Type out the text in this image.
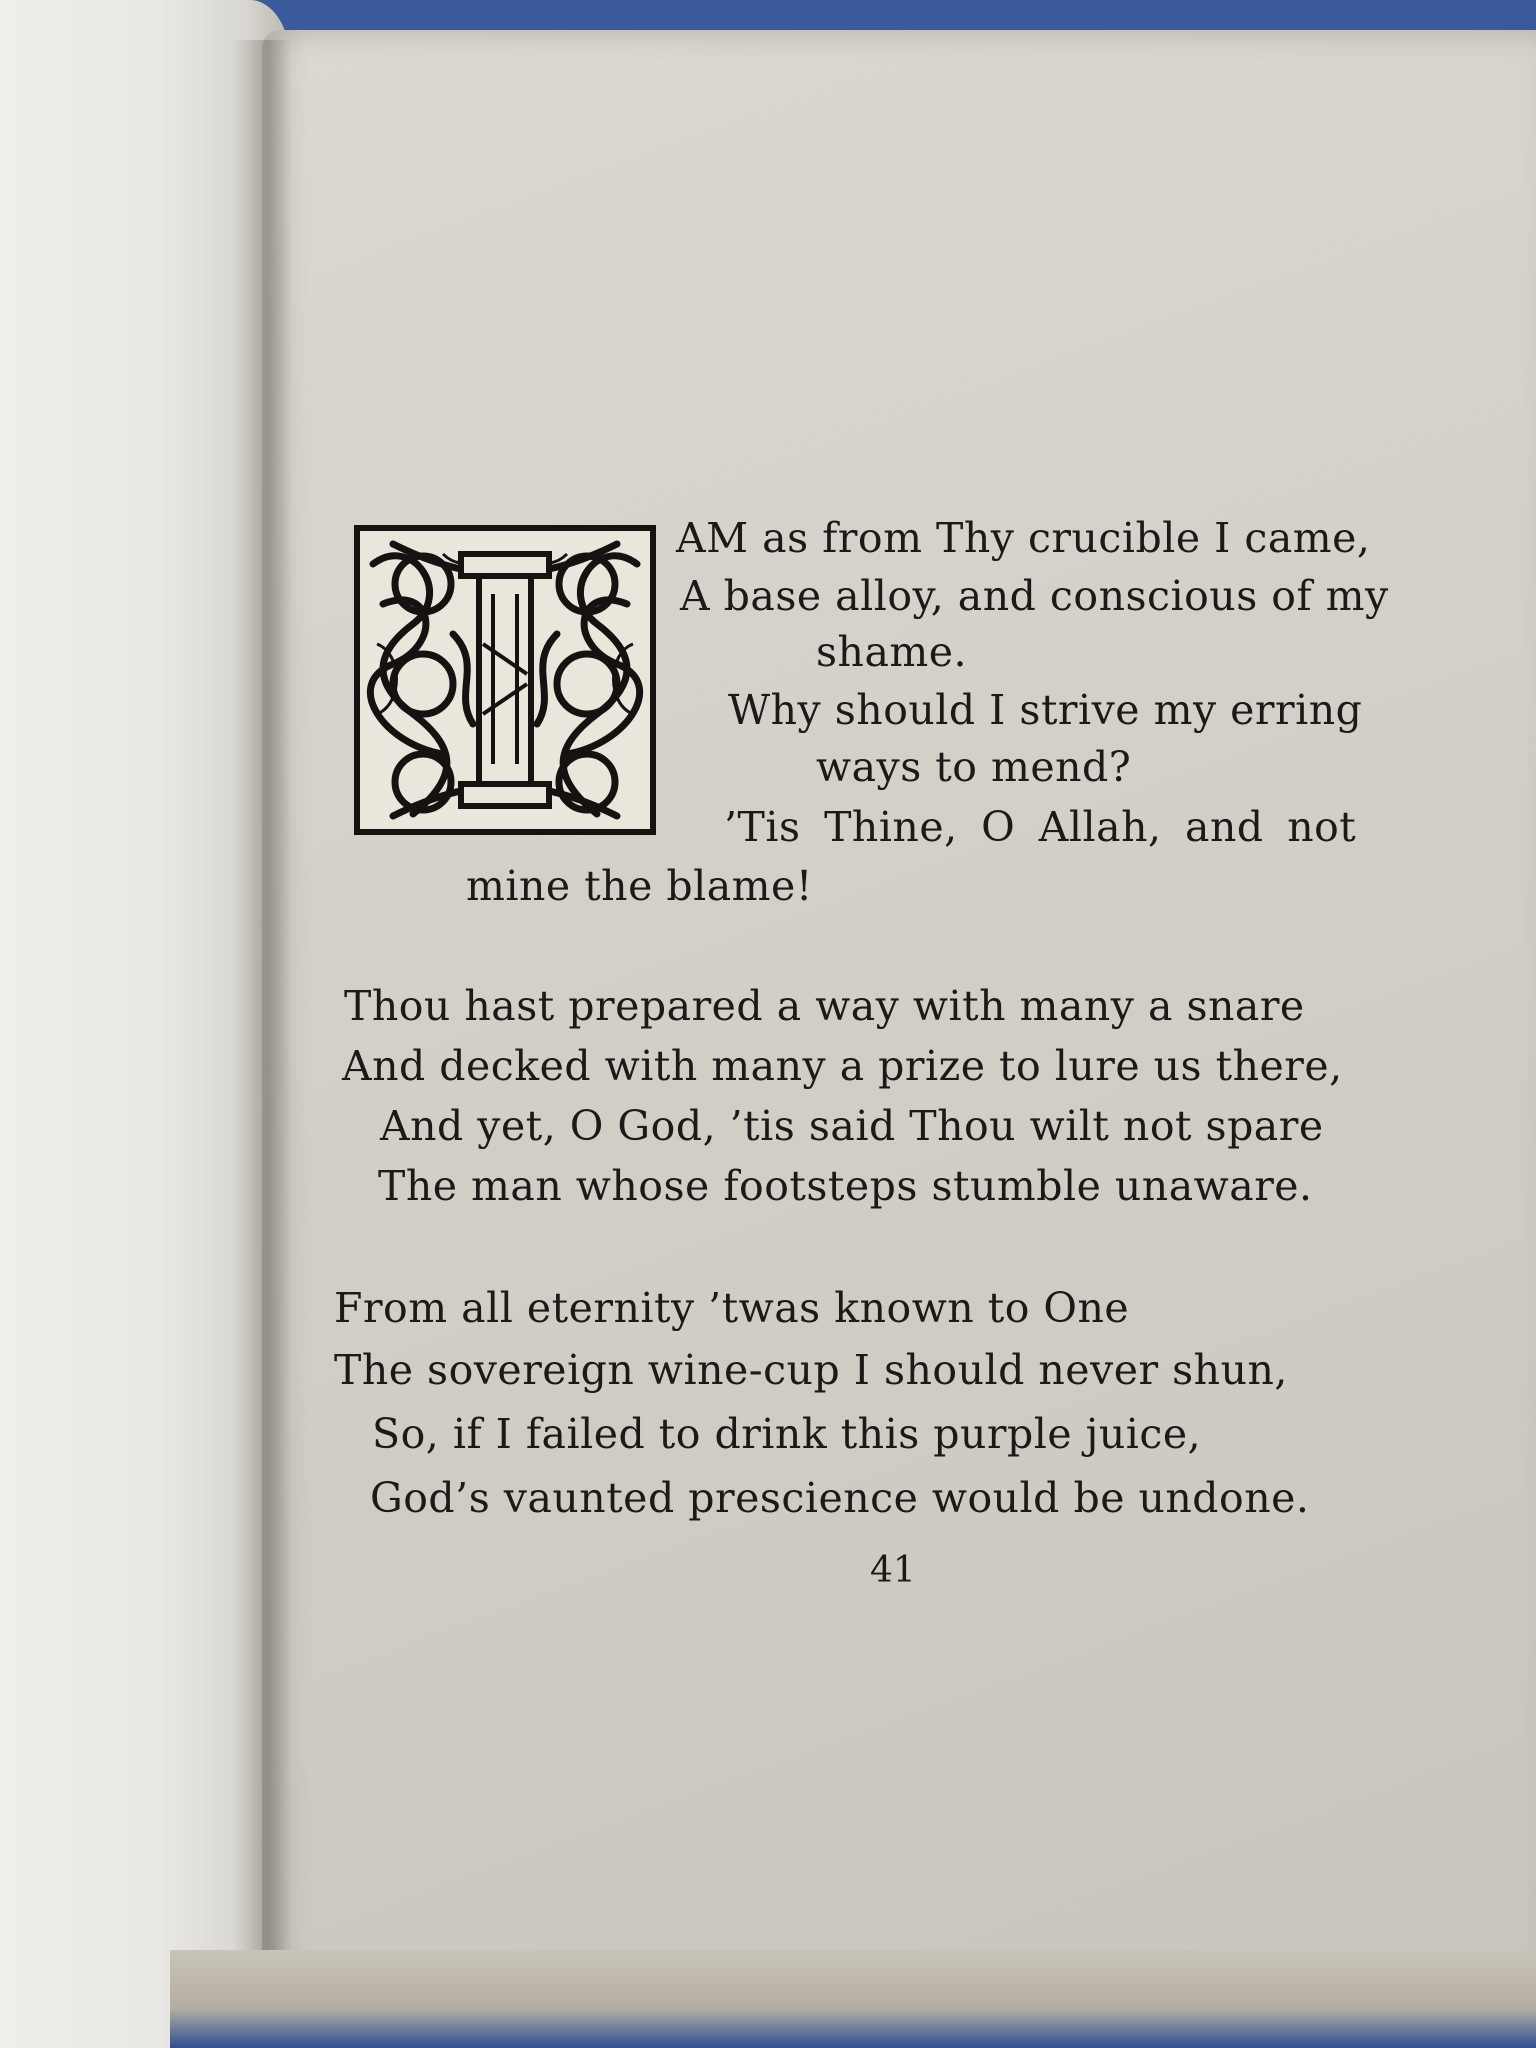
AM as from Thy crucible I came,

A base alloy, and conscious of my

shame.

Why should I strive my erring

ways to mend?

’Tis Thine, O Allah, and not

mine the blame!

Thou hast prepared a way with many a snare

And decked with many a prize to lure us there,

And yet, O God, ’tis said Thou wilt not spare

The man whose footsteps stumble unaware.

From all eternity ’twas known to One

The sovereign wine-cup I should never shun,

So, if I failed to drink this purple juice,

God’s vaunted prescience would be undone.

41
